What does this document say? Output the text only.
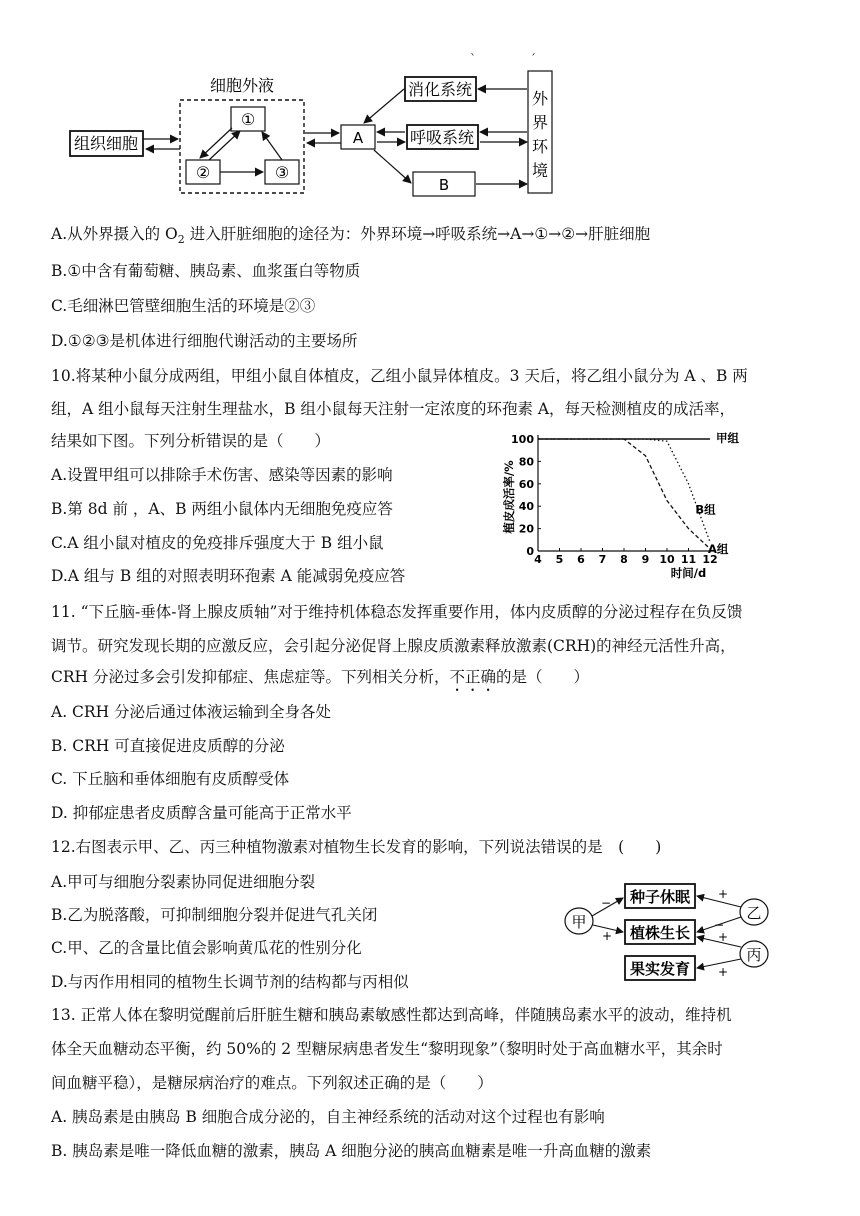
`	´
细胞外液
组织细胞
①
②	③
A
消化系统
呼吸系统
B
外
界
环
境
A.从外界摄入的 $O_2$ 进入肝脏细胞的途径为：外界环境→呼吸系统→A→①→②→肝脏细胞
B.①中含有葡萄糖、胰岛素、血浆蛋白等物质
C.毛细淋巴管壁细胞生活的环境是②③
D.①②③是机体进行细胞代谢活动的主要场所
10.将某种小鼠分成两组，甲组小鼠自体植皮，乙组小鼠异体植皮。3 天后，将乙组小鼠分为 A 、B 两
组，A 组小鼠每天注射生理盐水，B 组小鼠每天注射一定浓度的环孢素 A，每天检测植皮的成活率，
结果如下图。下列分析错误的是（　　）
A.设置甲组可以排除手术伤害、感染等因素的影响
B.第 8d 前 ，A、B 两组小鼠体内无细胞免疫应答
C.A 组小鼠对植皮的免疫排斥强度大于 B 组小鼠
D.A 组与 B 组的对照表明环孢素 A 能减弱免疫应答
4 5 6 7 8 9 10 11 12
0
20
40
60
80
100
时间/d
植皮成活率/%
甲组
B组
A组
11. “下丘脑-垂体-肾上腺皮质轴”对于维持机体稳态发挥重要作用，体内皮质醇的分泌过程存在负反馈
调节。研究发现长期的应激反应，会引起分泌促肾上腺皮质激素释放激素(CRH)的神经元活性升高，
CRH 分泌过多会引发抑郁症、焦虑症等。下列相关分析，不正确的是（　　）
A. CRH 分泌后通过体液运输到全身各处
B. CRH 可直接促进皮质醇的分泌
C. 下丘脑和垂体细胞有皮质醇受体
D. 抑郁症患者皮质醇含量可能高于正常水平
12.右图表示甲、乙、丙三种植物激素对植物生长发育的影响，下列说法错误的是　(　　)
A.甲可与细胞分裂素协同促进细胞分裂
B.乙为脱落酸，可抑制细胞分裂并促进气孔关闭
C.甲、乙的含量比值会影响黄瓜花的性别分化
D.与丙作用相同的植物生长调节剂的结构都与丙相似
甲	乙
丙
种子休眠
植株生长
果实发育
−
+
+
−
+
+
13. 正常人体在黎明觉醒前后肝脏生糖和胰岛素敏感性都达到高峰，伴随胰岛素水平的波动，维持机
体全天血糖动态平衡，约 50%的 2 型糖尿病患者发生“黎明现象”（黎明时处于高血糖水平，其余时
间血糖平稳），是糖尿病治疗的难点。下列叙述正确的是（　　）
A. 胰岛素是由胰岛 B 细胞合成分泌的，自主神经系统的活动对这个过程也有影响
B. 胰岛素是唯一降低血糖的激素，胰岛 A 细胞分泌的胰高血糖素是唯一升高血糖的激素
